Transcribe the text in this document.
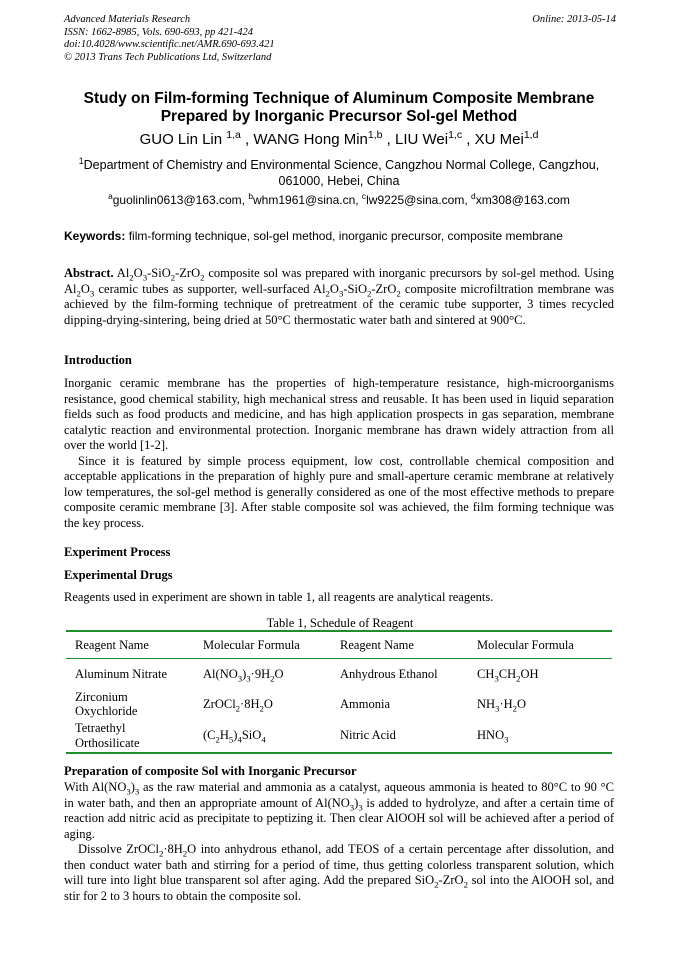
Advanced Materials Research
ISSN: 1662-8985, Vols. 690-693, pp 421-424
doi:10.4028/www.scientific.net/AMR.690-693.421
© 2013 Trans Tech Publications Ltd, Switzerland
Online: 2013-05-14
Study on Film-forming Technique of Aluminum Composite Membrane
Prepared by Inorganic Precursor Sol-gel Method
GUO Lin Lin $^{1,a}$ , WANG Hong Min$^{1,b}$ , LIU Wei$^{1,c}$ , XU Mei$^{1,d}$
$^1$Department of Chemistry and Environmental Science, Cangzhou Normal College, Cangzhou,
061000, Hebei, China
$^a$guolinlin0613@163.com, $^b$whm1961@sina.cn, $^c$lw9225@sina.com, $^d$xm308@163.com
Keywords: film-forming technique, sol-gel method, inorganic precursor, composite membrane
Abstract. $Al_2O_3-SiO_2-ZrO_2$ composite sol was prepared with inorganic precursors by sol-gel method. Using $Al_2O_3$ ceramic tubes as supporter, well-surfaced $Al_2O_3-SiO_2-ZrO_2$ composite microfiltration membrane was achieved by the film-forming technique of pretreatment of the ceramic tube supporter, 3 times recycled dipping-drying-sintering, being dried at 50°C thermostatic water bath and sintered at 900°C.
Introduction
Inorganic ceramic membrane has the properties of high-temperature resistance, high-microorganisms resistance, good chemical stability, high mechanical stress and reusable. It has been used in liquid separation fields such as food products and medicine, and has high application prospects in gas separation, membrane catalytic reaction and environmental protection. Inorganic membrane has drawn widely attraction from all over the world [1-2].
Since it is featured by simple process equipment, low cost, controllable chemical composition and acceptable applications in the preparation of highly pure and small-aperture ceramic membrane at relatively low temperatures, the sol-gel method is generally considered as one of the most effective methods to prepare composite ceramic membrane [3]. After stable composite sol was achieved, the film forming technique was the key process.
Experiment Process
Experimental Drugs
Reagents used in experiment are shown in table 1, all reagents are analytical reagents.
Table 1, Schedule of Reagent
Reagent Name	Molecular Formula	Reagent Name	Molecular Formula
Aluminum Nitrate	$Al(NO_3)_3\cdot 9H_2O$	Anhydrous Ethanol	$CH_3CH_2OH$
Zirconium Oxychloride	$ZrOCl_2\cdot 8H_2O$	Ammonia	$NH_3\cdot H_2O$
Tetraethyl Orthosilicate	$(C_2H_5)_4SiO_4$	Nitric Acid	$HNO_3$
Preparation of composite Sol with Inorganic Precursor
With $Al(NO_3)_3$ as the raw material and ammonia as a catalyst, aqueous ammonia is heated to 80°C to 90 °C in water bath, and then an appropriate amount of $Al(NO_3)_3$ is added to hydrolyze, and after a certain time of reaction add nitric acid as precipitate to peptizing it. Then clear AlOOH sol will be achieved after a period of aging.
Dissolve $ZrOCl_2\cdot 8H_2O$ into anhydrous ethanol, add TEOS of a certain percentage after dissolution, and then conduct water bath and stirring for a period of time, thus getting colorless transparent solution, which will ture into light blue transparent sol after aging. Add the prepared SiO$_2$-ZrO$_2$ sol into the AlOOH sol, and stir for 2 to 3 hours to obtain the composite sol.
